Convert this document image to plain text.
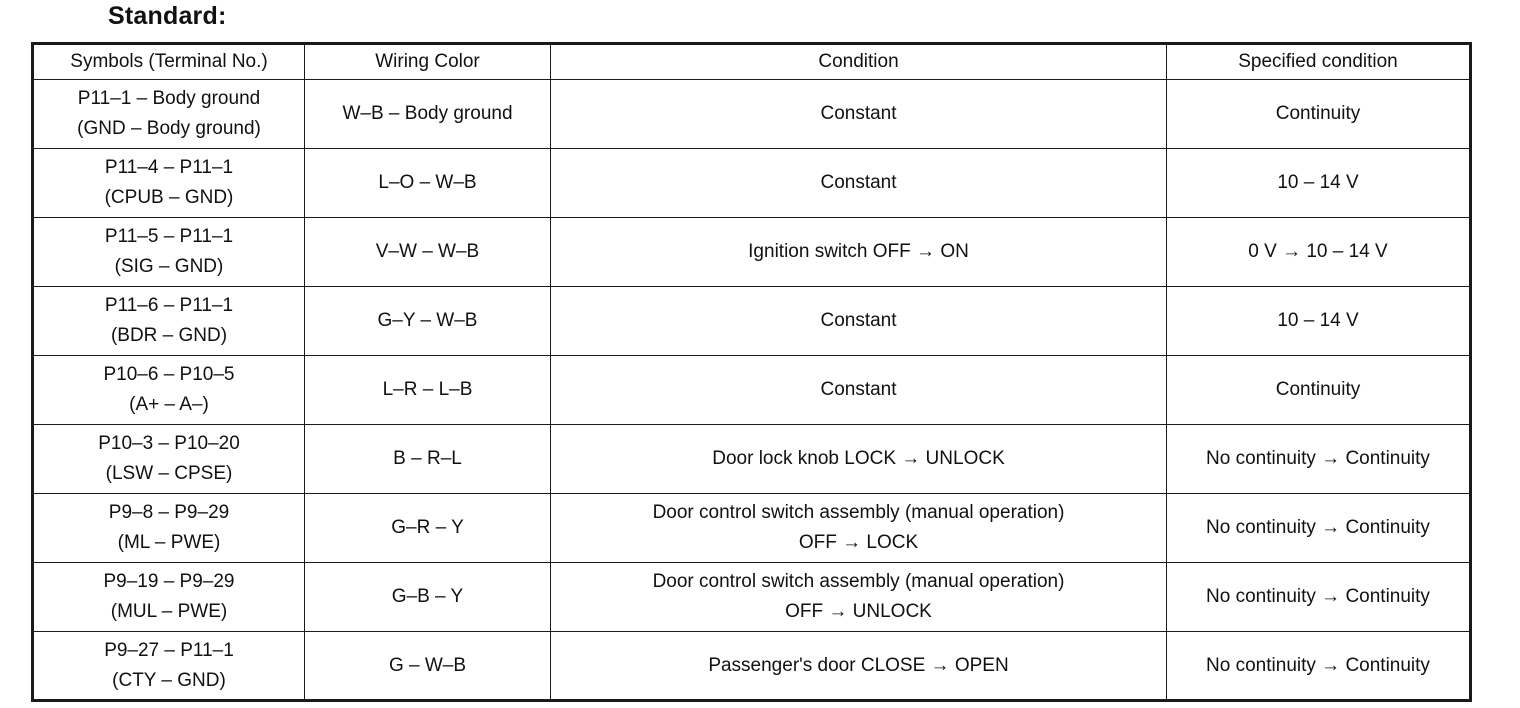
Standard:
Symbols (Terminal No.)	Wiring Color	Condition	Specified condition

P11–1 – Body ground
(GND – Body ground)	W–B – Body ground	Constant	Continuity

P11–4 – P11–1
(CPUB – GND)	L–O – W–B	Constant	10 – 14 V

P11–5 – P11–1
(SIG – GND)	V–W – W–B	Ignition switch OFF → ON	0 V → 10 – 14 V

P11–6 – P11–1
(BDR – GND)	G–Y – W–B	Constant	10 – 14 V

P10–6 – P10–5
(A+ – A–)	L–R – L–B	Constant	Continuity

P10–3 – P10–20
(LSW – CPSE)	B – R–L	Door lock knob LOCK → UNLOCK	No continuity → Continuity

P9–8 – P9–29
(ML – PWE)	G–R – Y	Door control switch assembly (manual operation)
OFF → LOCK	No continuity → Continuity

P9–19 – P9–29
(MUL – PWE)	G–B – Y	Door control switch assembly (manual operation)
OFF → UNLOCK	No continuity → Continuity

P9–27 – P11–1
(CTY – GND)	G – W–B	Passenger's door CLOSE → OPEN	No continuity → Continuity
